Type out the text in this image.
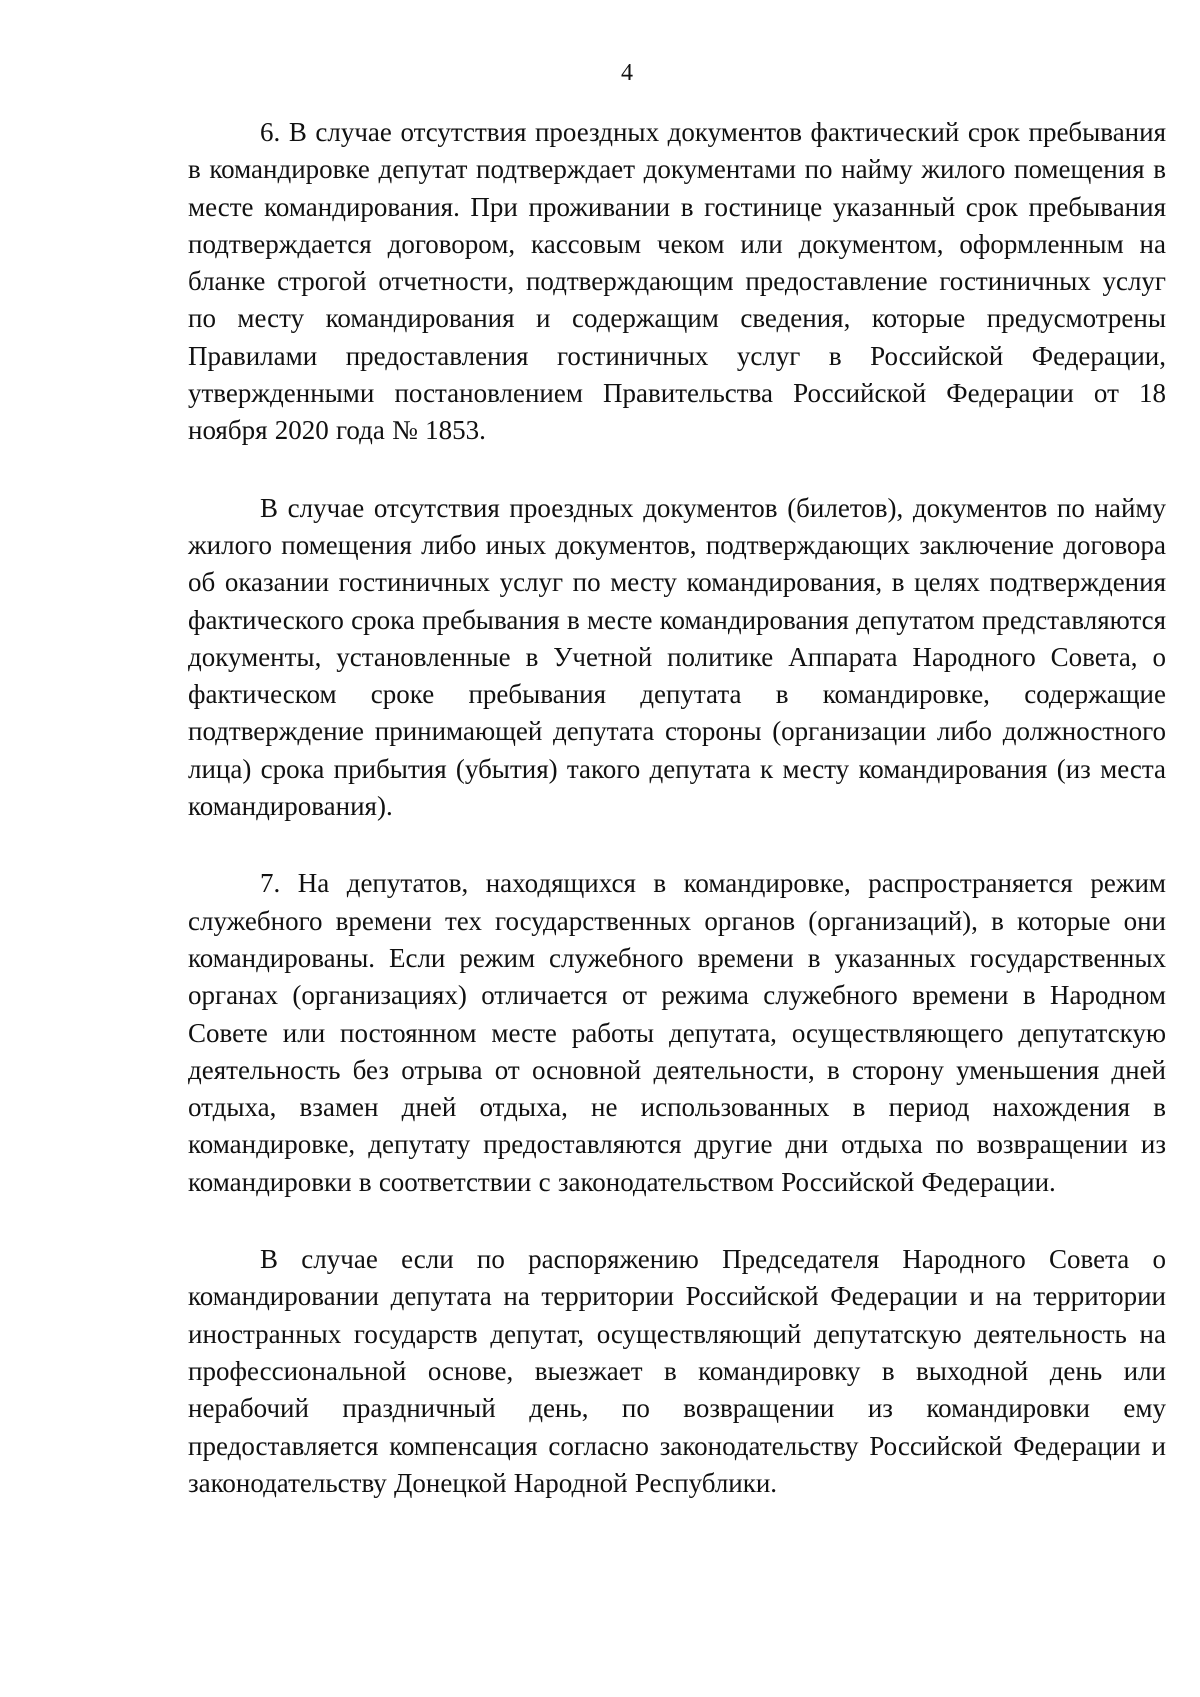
4

6. В случае отсутствия проездных документов фактический срок пребывания в командировке депутат подтверждает документами по найму жилого помещения в месте командирования. При проживании в гостинице указанный срок пребывания подтверждается договором, кассовым чеком или документом, оформленным на бланке строгой отчетности, подтверждающим предоставление гостиничных услуг по месту командирования и содержащим сведения, которые предусмотрены Правилами предоставления гостиничных услуг в Российской Федерации, утвержденными постановлением Правительства Российской Федерации от 18 ноября 2020 года № 1853.

В случае отсутствия проездных документов (билетов), документов по найму жилого помещения либо иных документов, подтверждающих заключение договора об оказании гостиничных услуг по месту командирования, в целях подтверждения фактического срока пребывания в месте командирования депутатом представляются документы, установленные в Учетной политике Аппарата Народного Совета, о фактическом сроке пребывания депутата в командировке, содержащие подтверждение принимающей депутата стороны (организации либо должностного лица) срока прибытия (убытия) такого депутата к месту командирования (из места командирования).

7. На депутатов, находящихся в командировке, распространяется режим служебного времени тех государственных органов (организаций), в которые они командированы. Если режим служебного времени в указанных государственных органах (организациях) отличается от режима служебного времени в Народном Совете или постоянном месте работы депутата, осуществляющего депутатскую деятельность без отрыва от основной деятельности, в сторону уменьшения дней отдыха, взамен дней отдыха, не использованных в период нахождения в командировке, депутату предоставляются другие дни отдыха по возвращении из командировки в соответствии с законодательством Российской Федерации.

В случае если по распоряжению Председателя Народного Совета о командировании депутата на территории Российской Федерации и на территории иностранных государств депутат, осуществляющий депутатскую деятельность на профессиональной основе, выезжает в командировку в выходной день или нерабочий праздничный день, по возвращении из командировки ему предоставляется компенсация согласно законодательству Российской Федерации и законодательству Донецкой Народной Республики.
